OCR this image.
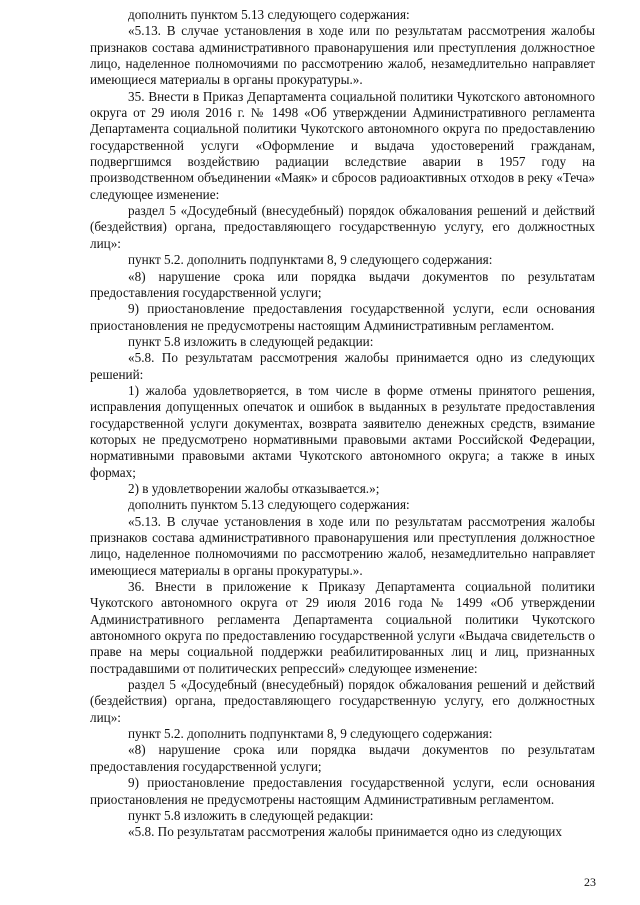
дополнить пунктом 5.13 следующего содержания:

«5.13. В случае установления в ходе или по результатам рассмотрения жалобы признаков состава административного правонарушения или преступления должностное лицо, наделенное полномочиями по рассмотрению жалоб, незамедлительно направляет имеющиеся материалы в органы прокуратуры.».

35. Внести в Приказ Департамента социальной политики Чукотского автономного округа от 29 июля 2016 г. № 1498 «Об утверждении Административного регламента Департамента социальной политики Чукотского автономного округа по предоставлению государственной услуги «Оформление и выдача удостоверений гражданам, подвергшимся воздействию радиации вследствие аварии в 1957 году на производственном объединении «Маяк» и сбросов радиоактивных отходов в реку «Теча» следующее изменение:

раздел 5 «Досудебный (внесудебный) порядок обжалования решений и действий (бездействия) органа, предоставляющего государственную услугу, его должностных лиц»:

пункт 5.2. дополнить подпунктами 8, 9 следующего содержания:

«8) нарушение срока или порядка выдачи документов по результатам предоставления государственной услуги;

9) приостановление предоставления государственной услуги, если основания приостановления не предусмотрены настоящим Административным регламентом.

пункт 5.8 изложить в следующей редакции:

«5.8. По результатам рассмотрения жалобы принимается одно из следующих решений:

1) жалоба удовлетворяется, в том числе в форме отмены принятого решения, исправления допущенных опечаток и ошибок в выданных в результате предоставления государственной услуги документах, возврата заявителю денежных средств, взимание которых не предусмотрено нормативными правовыми актами Российской Федерации, нормативными правовыми актами Чукотского автономного округа; а также в иных формах;

2) в удовлетворении жалобы отказывается.»;

дополнить пунктом 5.13 следующего содержания:

«5.13. В случае установления в ходе или по результатам рассмотрения жалобы признаков состава административного правонарушения или преступления должностное лицо, наделенное полномочиями по рассмотрению жалоб, незамедлительно направляет имеющиеся материалы в органы прокуратуры.».

36. Внести в приложение к Приказу Департамента социальной политики Чукотского автономного округа от 29 июля 2016 года № 1499 «Об утверждении Административного регламента Департамента социальной политики Чукотского автономного округа по предоставлению государственной услуги «Выдача свидетельств о праве на меры социальной поддержки реабилитированных лиц и лиц, признанных пострадавшими от политических репрессий» следующее изменение:

раздел 5 «Досудебный (внесудебный) порядок обжалования решений и действий (бездействия) органа, предоставляющего государственную услугу, его должностных лиц»:

пункт 5.2. дополнить подпунктами 8, 9 следующего содержания:

«8) нарушение срока или порядка выдачи документов по результатам предоставления государственной услуги;

9) приостановление предоставления государственной услуги, если основания приостановления не предусмотрены настоящим Административным регламентом.

пункт 5.8 изложить в следующей редакции:

«5.8. По результатам рассмотрения жалобы принимается одно из следующих

23
